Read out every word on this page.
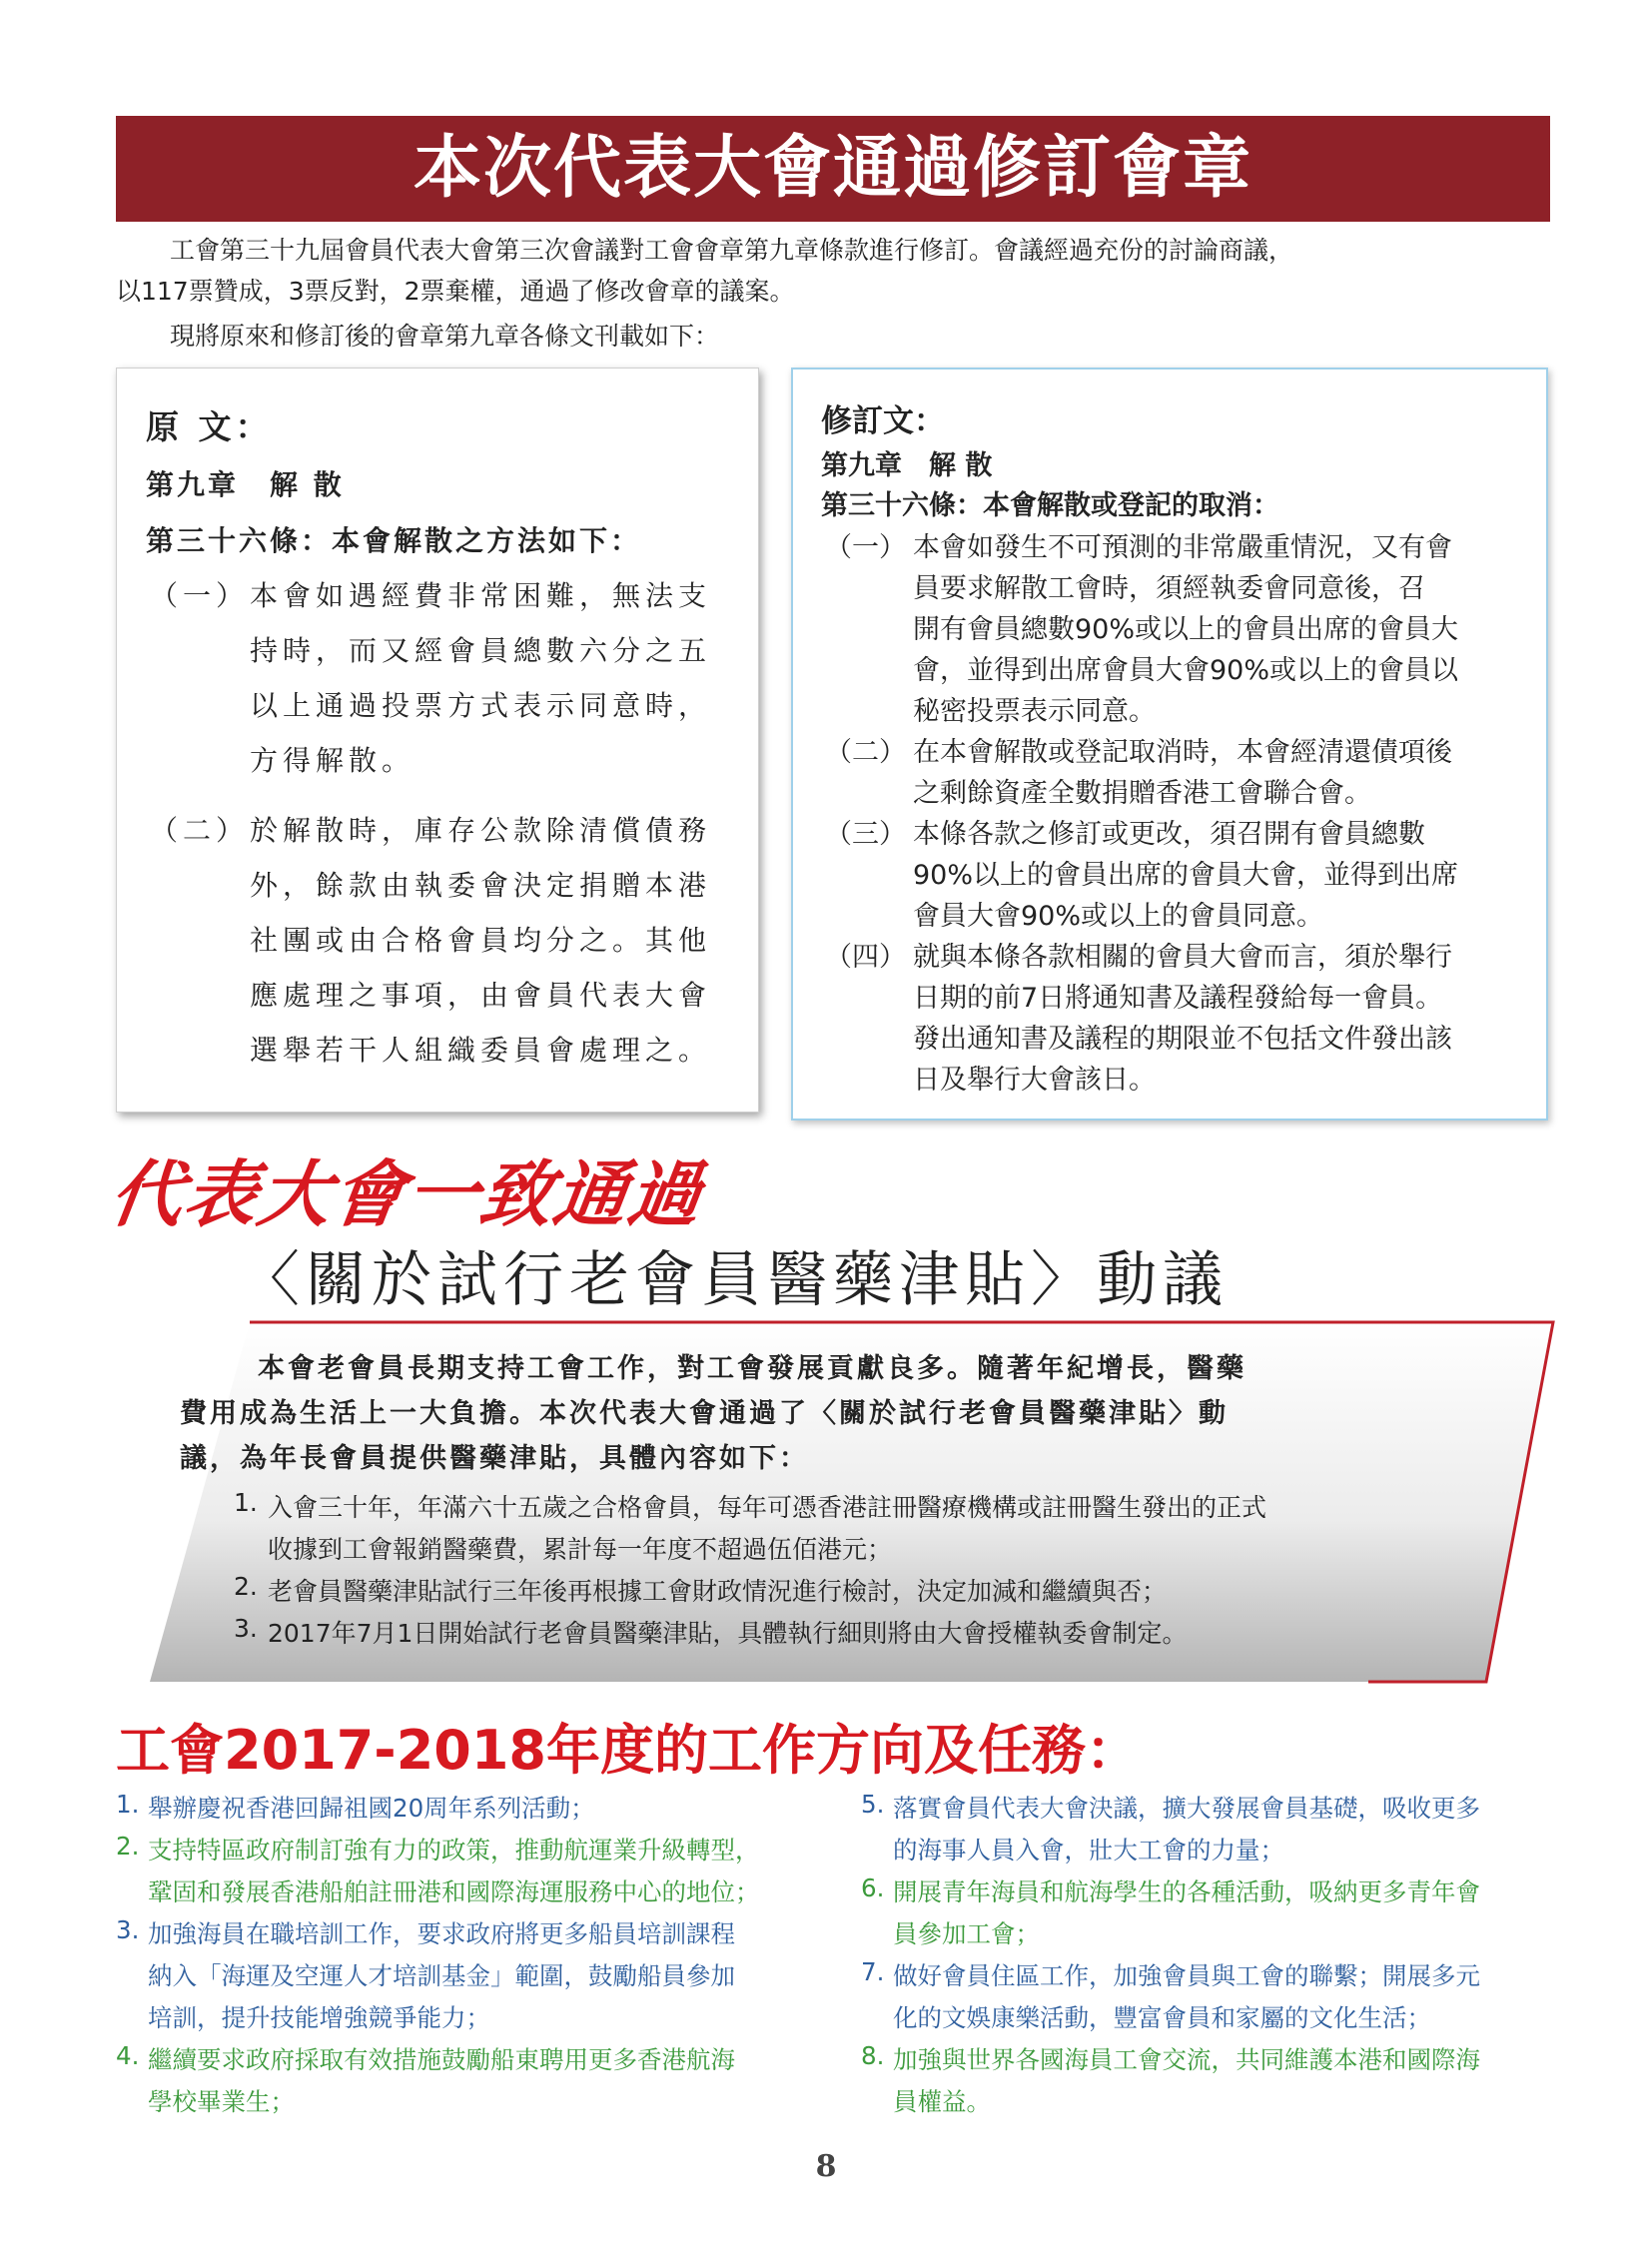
本次代表大會通過修訂會章
工會第三十九屆會員代表大會第三次會議對工會會章第九章條款進行修訂。會議經過充份的討論商議，
以117票贊成，3票反對，2票棄權，通過了修改會章的議案。
現將原來和修訂後的會章第九章各條文刊載如下：
原 文：
第九章　解 散
第三十六條：本會解散之方法如下：
（一） 本會如遇經費非常困難，無法支
持時，而又經會員總數六分之五
以上通過投票方式表示同意時，
方得解散。
（二） 於解散時，庫存公款除清償債務
外，餘款由執委會決定捐贈本港
社團或由合格會員均分之。其他
應處理之事項，由會員代表大會
選舉若干人組織委員會處理之。
修訂文：
第九章　解 散
第三十六條：本會解散或登記的取消：
（一） 本會如發生不可預測的非常嚴重情況，又有會
員要求解散工會時，須經執委會同意後，召
開有會員總數90%或以上的會員出席的會員大
會，並得到出席會員大會90%或以上的會員以
秘密投票表示同意。
（二） 在本會解散或登記取消時，本會經清還債項後
之剩餘資產全數捐贈香港工會聯合會。
（三） 本條各款之修訂或更改，須召開有會員總數
90%以上的會員出席的會員大會，並得到出席
會員大會90%或以上的會員同意。
（四） 就與本條各款相關的會員大會而言，須於舉行
日期的前7日將通知書及議程發給每一會員。
發出通知書及議程的期限並不包括文件發出該
日及舉行大會該日。
代表大會一致通過
〈關於試行老會員醫藥津貼〉動議
本會老會員長期支持工會工作，對工會發展貢獻良多。隨著年紀增長，醫藥
費用成為生活上一大負擔。本次代表大會通過了〈關於試行老會員醫藥津貼〉動
議，為年長會員提供醫藥津貼，具體內容如下：
1. 入會三十年，年滿六十五歲之合格會員，每年可憑香港註冊醫療機構或註冊醫生發出的正式
收據到工會報銷醫藥費，累計每一年度不超過伍佰港元；
2. 老會員醫藥津貼試行三年後再根據工會財政情況進行檢討，決定加減和繼續與否；
3. 2017年7月1日開始試行老會員醫藥津貼，具體執行細則將由大會授權執委會制定。
工會2017-2018年度的工作方向及任務：
1. 舉辦慶祝香港回歸祖國20周年系列活動；
2. 支持特區政府制訂強有力的政策，推動航運業升級轉型，
鞏固和發展香港船舶註冊港和國際海運服務中心的地位；
3. 加強海員在職培訓工作，要求政府將更多船員培訓課程
納入「海運及空運人才培訓基金」範圍，鼓勵船員參加
培訓，提升技能增強競爭能力；
4. 繼續要求政府採取有效措施鼓勵船東聘用更多香港航海
學校畢業生；
5. 落實會員代表大會決議，擴大發展會員基礎，吸收更多
的海事人員入會，壯大工會的力量；
6. 開展青年海員和航海學生的各種活動，吸納更多青年會
員參加工會；
7. 做好會員住區工作，加強會員與工會的聯繫；開展多元
化的文娛康樂活動，豐富會員和家屬的文化生活；
8. 加強與世界各國海員工會交流，共同維護本港和國際海
員權益。
8
